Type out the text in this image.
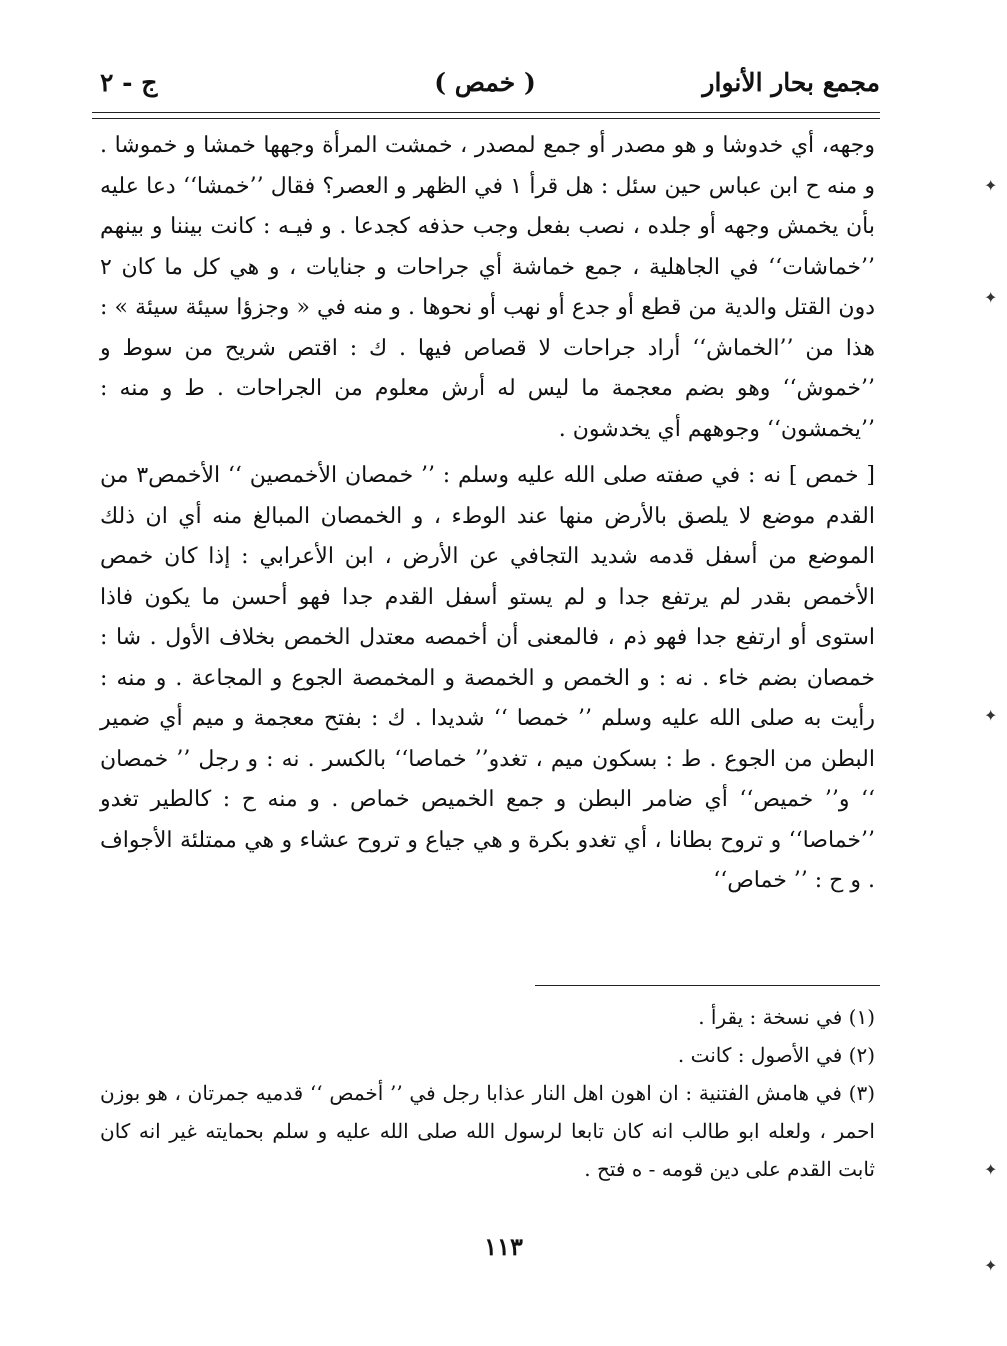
مجمع بحار الأنوار
( خمص )
ج - ٢

وجهه، أي خدوشا و هو مصدر أو جمع لمصدر ، خمشت المرأة وجهها خمشا و خموشا . و منه ح ابن عباس حين سئل : هل قرأ ١ في الظهر و العصر؟ فقال ’’خمشا‘‘ دعا عليه بأن يخمش وجهه أو جلده ، نصب بفعل وجب حذفه كجدعا . و فيـه : كانت بيننا و بينهم ’’خماشات‘‘ في الجاهلية ، جمع خماشة أي جراحات و جنايات ، و هي كل ما كان ٢ دون القتل والدية من قطع أو جدع أو نهب أو نحوها . و منه في « وجزؤا سيئة سيئة » : هذا من ’’الخماش‘‘ أراد جراحات لا قصاص فيها . ك : اقتص شريح من سوط و ’’خموش‘‘ وهو بضم معجمة ما ليس له أرش معلوم من الجراحات . ط و منه : ’’يخمشون‘‘ وجوههم أي يخدشون .

[ خمص ] نه : في صفته صلى الله عليه وسلم : ’’ خمصان الأخمصين ‘‘ الأخمص٣ من القدم موضع لا يلصق بالأرض منها عند الوطء ، و الخمصان المبالغ منه أي ان ذلك الموضع من أسفل قدمه شديد التجافي عن الأرض ، ابن الأعرابي : إذا كان خمص الأخمص بقدر لم يرتفع جدا و لم يستو أسفل القدم جدا فهو أحسن ما يكون فاذا استوى أو ارتفع جدا فهو ذم ، فالمعنى أن أخمصه معتدل الخمص بخلاف الأول . شا : خمصان بضم خاء . نه : و الخمص و الخمصة و المخمصة الجوع و المجاعة . و منه : رأيت به صلى الله عليه وسلم ’’ خمصا ‘‘ شديدا . ك : بفتح معجمة و ميم أي ضمير البطن من الجوع . ط : بسكون ميم ، تغدو’’ خماصا‘‘ بالكسر . نه : و رجل ’’ خمصان ‘‘ و’’ خميص‘‘ أي ضامر البطن و جمع الخميص خماص . و منه ح : كالطير تغدو ’’خماصا‘‘ و تروح بطانا ، أي تغدو بكرة و هي جياع و تروح عشاء و هي ممتلئة الأجواف . و ح : ’’ خماص‘‘

(١) في نسخة : يقرأ .

(٢) في الأصول : كانت .

(٣) في هامش الفتنية : ان اهون اهل النار عذابا رجل في ’’ أخمص ‘‘ قدميه جمرتان ، هو بوزن احمر ، ولعله ابو طالب انه كان تابعا لرسول الله صلى الله عليه و سلم بحمايته غير انه كان ثابت القدم على دين قومه - ه فتح .

١١٣
✦
✦
✦
✦
✦
